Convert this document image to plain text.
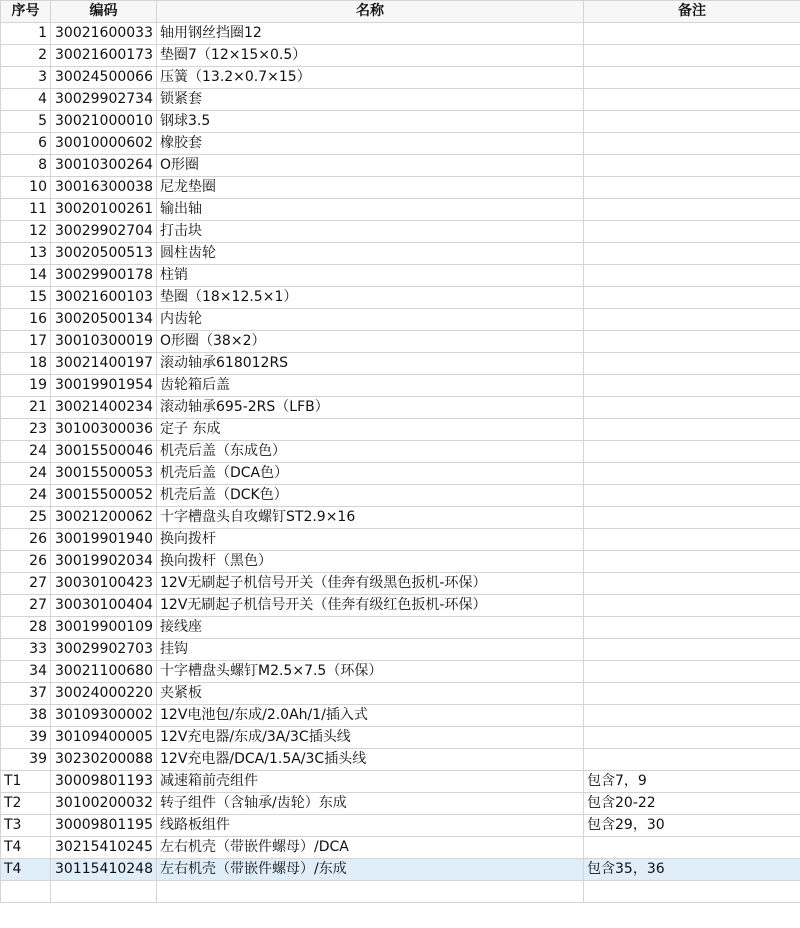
序号	编码	名称	备注
1	30021600033	轴用钢丝挡圈12	
2	30021600173	垫圈7（12×15×0.5）	
3	30024500066	压簧（13.2×0.7×15）	
4	30029902734	锁紧套	
5	30021000010	钢球3.5	
6	30010000602	橡胶套	
8	30010300264	O形圈	
10	30016300038	尼龙垫圈	
11	30020100261	输出轴	
12	30029902704	打击块	
13	30020500513	圆柱齿轮	
14	30029900178	柱销	
15	30021600103	垫圈（18×12.5×1）	
16	30020500134	内齿轮	
17	30010300019	O形圈（38×2）	
18	30021400197	滚动轴承618012RS	
19	30019901954	齿轮箱后盖	
21	30021400234	滚动轴承695-2RS（LFB）	
23	30100300036	定子 东成	
24	30015500046	机壳后盖（东成色）	
24	30015500053	机壳后盖（DCA色）	
24	30015500052	机壳后盖（DCK色）	
25	30021200062	十字槽盘头自攻螺钉ST2.9×16	
26	30019901940	换向拨杆	
26	30019902034	换向拨杆（黑色）	
27	30030100423	12V无刷起子机信号开关（佳奔有级黑色扳机-环保）	
27	30030100404	12V无刷起子机信号开关（佳奔有级红色扳机-环保）	
28	30019900109	接线座	
33	30029902703	挂钩	
34	30021100680	十字槽盘头螺钉M2.5×7.5（环保）	
37	30024000220	夹紧板	
38	30109300002	12V电池包/东成/2.0Ah/1/插入式	
39	30109400005	12V充电器/东成/3A/3C插头线	
39	30230200088	12V充电器/DCA/1.5A/3C插头线	
T1	30009801193	减速箱前壳组件	包含7，9
T2	30100200032	转子组件（含轴承/齿轮）东成	包含20-22
T3	30009801195	线路板组件	包含29，30
T4	30215410245	左右机壳（带嵌件螺母）/DCA	
T4	30115410248	左右机壳（带嵌件螺母）/东成	包含35，36
